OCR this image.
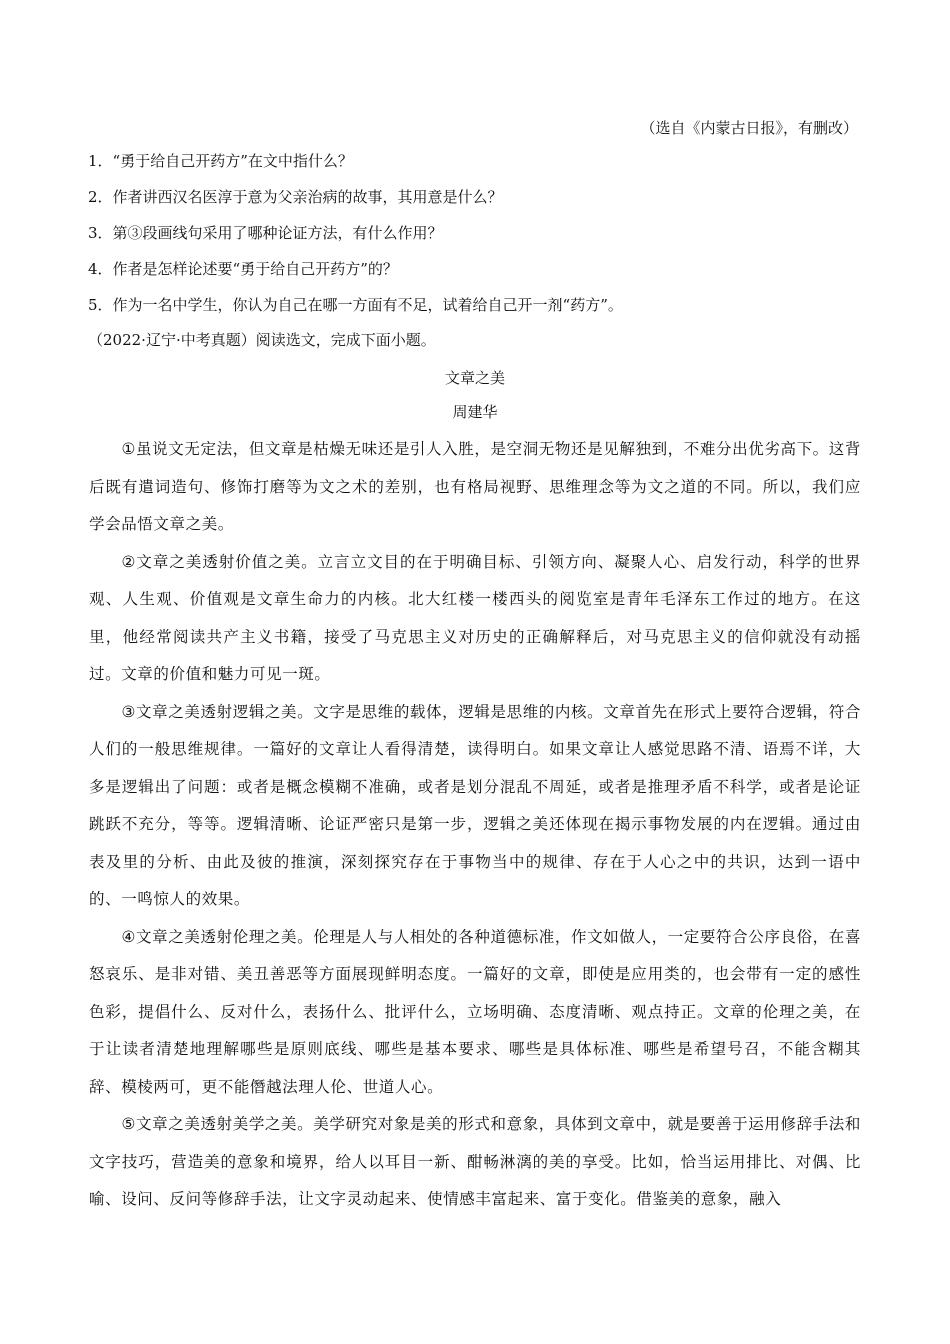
（选自《内蒙古日报》，有删改）
1．“勇于给自己开药方”在文中指什么？
2．作者讲西汉名医淳于意为父亲治病的故事，其用意是什么？
3．第③段画线句采用了哪种论证方法，有什么作用？
4．作者是怎样论述要“勇于给自己开药方”的？
5．作为一名中学生，你认为自己在哪一方面有不足，试着给自己开一剂“药方”。
（2022·辽宁·中考真题）阅读选文，完成下面小题。
文章之美
周建华

①虽说文无定法，但文章是枯燥无味还是引人入胜，是空洞无物还是见解独到，不难分出优劣高下。这背后既有遣词造句、修饰打磨等为文之术的差别，也有格局视野、思维理念等为文之道的不同。所以，我们应学会品悟文章之美。

②文章之美透射价值之美。立言立文目的在于明确目标、引领方向、凝聚人心、启发行动，科学的世界观、人生观、价值观是文章生命力的内核。北大红楼一楼西头的阅览室是青年毛泽东工作过的地方。在这里，他经常阅读共产主义书籍，接受了马克思主义对历史的正确解释后，对马克思主义的信仰就没有动摇过。文章的价值和魅力可见一斑。

③文章之美透射逻辑之美。文字是思维的载体，逻辑是思维的内核。文章首先在形式上要符合逻辑，符合人们的一般思维规律。一篇好的文章让人看得清楚，读得明白。如果文章让人感觉思路不清、语焉不详，大多是逻辑出了问题：或者是概念模糊不准确，或者是划分混乱不周延，或者是推理矛盾不科学，或者是论证跳跃不充分，等等。逻辑清晰、论证严密只是第一步，逻辑之美还体现在揭示事物发展的内在逻辑。通过由表及里的分析、由此及彼的推演，深刻探究存在于事物当中的规律、存在于人心之中的共识，达到一语中的、一鸣惊人的效果。

④文章之美透射伦理之美。伦理是人与人相处的各种道德标准，作文如做人，一定要符合公序良俗，在喜怒哀乐、是非对错、美丑善恶等方面展现鲜明态度。一篇好的文章，即使是应用类的，也会带有一定的感性色彩，提倡什么、反对什么，表扬什么、批评什么，立场明确、态度清晰、观点持正。文章的伦理之美，在于让读者清楚地理解哪些是原则底线、哪些是基本要求、哪些是具体标准、哪些是希望号召，不能含糊其辞、模棱两可，更不能僭越法理人伦、世道人心。

⑤文章之美透射美学之美。美学研究对象是美的形式和意象，具体到文章中，就是要善于运用修辞手法和文字技巧，营造美的意象和境界，给人以耳目一新、酣畅淋漓的美的享受。比如，恰当运用排比、对偶、比喻、设问、反问等修辞手法，让文字灵动起来、使情感丰富起来、富于变化。借鉴美的意象，融入
